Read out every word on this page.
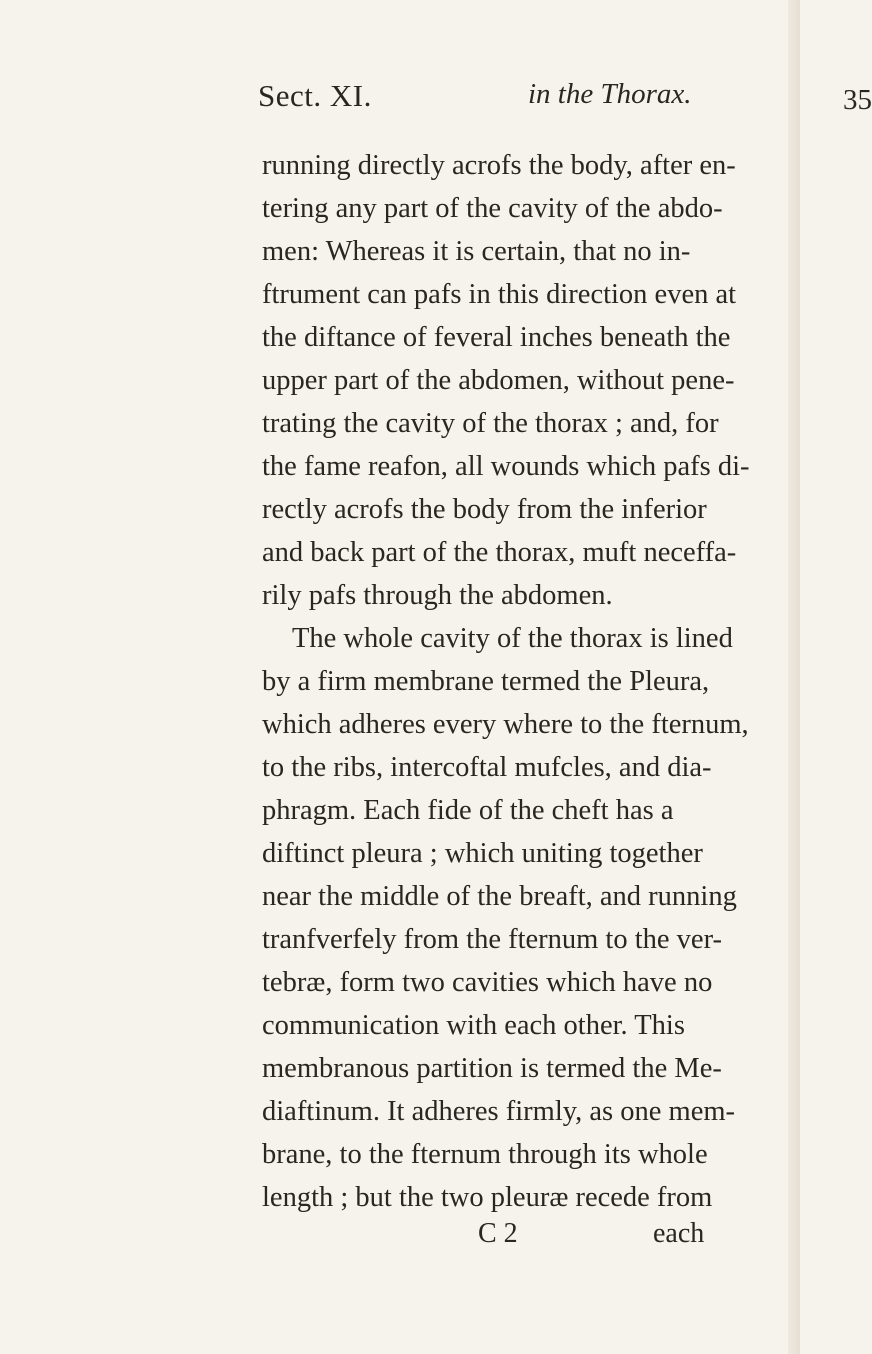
Sect. XI.	in the Thorax.	35
running directly acrofs the body, after en-
tering any part of the cavity of the abdo-
men: Whereas it is certain, that no in-
ftrument can pafs in this direction even at
the diftance of feveral inches beneath the
upper part of the abdomen, without pene-
trating the cavity of the thorax ; and, for
the fame reafon, all wounds which pafs di-
rectly acrofs the body from the inferior
and back part of the thorax, muft neceffa-
rily pafs through the abdomen.
The whole cavity of the thorax is lined
by a firm membrane termed the Pleura,
which adheres every where to the fternum,
to the ribs, intercoftal mufcles, and dia-
phragm. Each fide of the cheft has a
diftinct pleura ; which uniting together
near the middle of the breaft, and running
tranfverfely from the fternum to the ver-
tebræ, form two cavities which have no
communication with each other. This
membranous partition is termed the Me-
diaftinum. It adheres firmly, as one mem-
brane, to the fternum through its whole
length ; but the two pleuræ recede from
C 2	each
